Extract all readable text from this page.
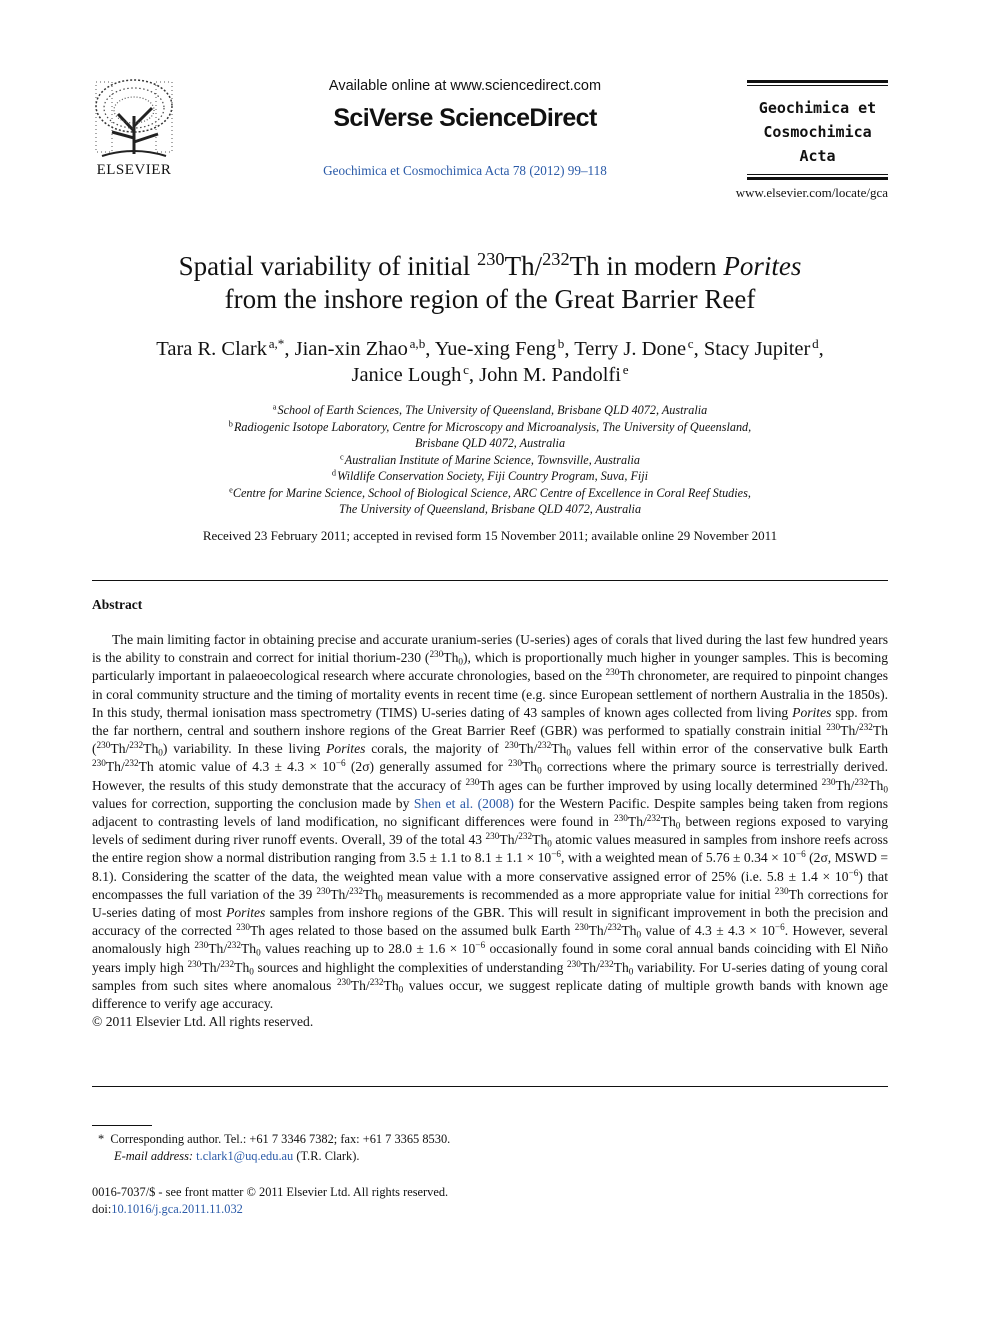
ELSEVIER
Available online at www.sciencedirect.com
SciVerse ScienceDirect
Geochimica et Cosmochimica Acta 78 (2012) 99–118
Geochimica et
Cosmochimica
Acta
www.elsevier.com/locate/gca
Spatial variability of initial $^{230}$Th/$^{232}$Th in modern Porites
from the inshore region of the Great Barrier Reef
Tara R. Clark  $^{a,*}$, Jian-xin Zhao  $^{a,b}$, Yue-xing Feng  $^b$, Terry J. Done  $^c$, Stacy Jupiter  $^d$,
Janice Lough  $^c$, John M. Pandolfi  $^e$
$^a$ School of Earth Sciences, The University of Queensland, Brisbane QLD 4072, Australia
$^b$ Radiogenic Isotope Laboratory, Centre for Microscopy and Microanalysis, The University of Queensland,
Brisbane QLD 4072, Australia
$^c$ Australian Institute of Marine Science, Townsville, Australia
$^d$ Wildlife Conservation Society, Fiji Country Program, Suva, Fiji
$^e$Centre for Marine Science, School of Biological Science, ARC Centre of Excellence in Coral Reef Studies,
The University of Queensland, Brisbane QLD 4072, Australia
Received 23 February 2011; accepted in revised form 15 November 2011; available online 29 November 2011
Abstract

The main limiting factor in obtaining precise and accurate uranium-series (U-series) ages of corals that lived during the last few hundred years is the ability to constrain and correct for initial thorium-230 $(^{230}Th_0)$, which is proportionally much higher in younger samples. This is becoming particularly important in palaeoecological research where accurate chronologies, based on the $^{230}$Th chronometer, are required to pinpoint changes in coral community structure and the timing of mortality events in recent time (e.g. since European settlement of northern Australia in the 1850s). In this study, thermal ionisation mass spectrometry (TIMS) U-series dating of 43 samples of known ages collected from living Porites spp. from the far northern, central and southern inshore regions of the Great Barrier Reef (GBR) was performed to spatially constrain initial $^{230}$Th/$^{232}$Th $(^{230}Th/^{232}Th_0)$ variability. In these living Porites corals, the majority of $^{230}Th/^{232}Th_0$ values fell within error of the conservative bulk Earth $^{230}$Th/$^{232}$Th atomic value of $4.3 \pm 4.3 \times 10^{-6}$ (2σ) generally assumed for $^{230}Th_0$ corrections where the primary source is terrestrially derived. However, the results of this study demonstrate that the accuracy of $^{230}$Th ages can be further improved by using locally determined $^{230}Th/^{232}Th_0$ values for correction, supporting the conclusion made by Shen et al. (2008) for the Western Pacific. Despite samples being taken from regions adjacent to contrasting levels of land modification, no significant differences were found in $^{230}Th/^{232}Th_0$ between regions exposed to varying levels of sediment during river runoff events. Overall, 39 of the total 43 $^{230}Th/^{232}Th_0$ atomic values measured in samples from inshore reefs across the entire region show a normal distribution ranging from 3.5 ± 1.1 to $8.1 \pm 1.1 \times 10^{-6}$, with a weighted mean of $5.76 \pm 0.34 \times 10^{-6}$ (2σ, MSWD = 8.1). Considering the scatter of the data, the weighted mean value with a more conservative assigned error of 25% (i.e. $5.8 \pm 1.4 \times 10^{-6}$) that encompasses the full variation of the 39 $^{230}Th/^{232}Th_0$ measurements is recommended as a more appropriate value for initial $^{230}$Th corrections for U-series dating of most Porites samples from inshore regions of the GBR. This will result in significant improvement in both the precision and accuracy of the corrected $^{230}$Th ages related to those based on the assumed bulk Earth $^{230}Th/^{232}Th_0$ value of $4.3 \pm 4.3 \times 10^{-6}$. However, several anomalously high $^{230}Th/^{232}Th_0$ values reaching up to $28.0 \pm 1.6 \times 10^{-6}$ occasionally found in some coral annual bands coinciding with El Niño years imply high $^{230}Th/^{232}Th_0$ sources and highlight the complexities of understanding $^{230}Th/^{232}Th_0$ variability. For U-series dating of young coral samples from such sites where anomalous $^{230}Th/^{232}Th_0$ values occur, we suggest replicate dating of multiple growth bands with known age difference to verify age accuracy.

© 2011 Elsevier Ltd. All rights reserved.
* Corresponding author. Tel.: +61 7 3346 7382; fax: +61 7 3365 8530.
E-mail address: t.clark1@uq.edu.au (T.R. Clark).
0016-7037/$ - see front matter © 2011 Elsevier Ltd. All rights reserved.
doi:10.1016/j.gca.2011.11.032
